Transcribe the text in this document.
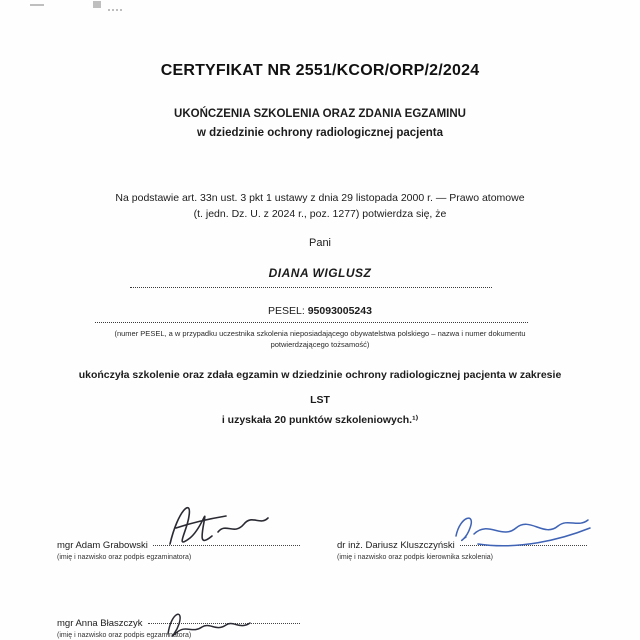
CERTYFIKAT NR 2551/KCOR/ORP/2/2024
UKOŃCZENIA SZKOLENIA ORAZ ZDANIA EGZAMINU
w dziedzinie ochrony radiologicznej pacjenta
Na podstawie art. 33n ust. 3 pkt 1 ustawy z dnia 29 listopada 2000 r. — Prawo atomowe
(t. jedn. Dz. U. z 2024 r., poz. 1277) potwierdza się, że
Pani
DIANA WIGLUSZ
PESEL: 95093005243
(numer PESEL, a w przypadku uczestnika szkolenia nieposiadającego obywatelstwa polskiego – nazwa i numer dokumentu potwierdzającego tożsamość)
ukończyła szkolenie oraz zdała egzamin w dziedzinie ochrony radiologicznej pacjenta w zakresie
LST
i uzyskała 20 punktów szkoleniowych.¹⁾
mgr Adam Grabowski
(imię i nazwisko oraz podpis egzaminatora)
dr inż. Dariusz Kluszczyński
(imię i nazwisko oraz podpis kierownika szkolenia)
mgr Anna Błaszczyk
(imię i nazwisko oraz podpis egzaminatora)
